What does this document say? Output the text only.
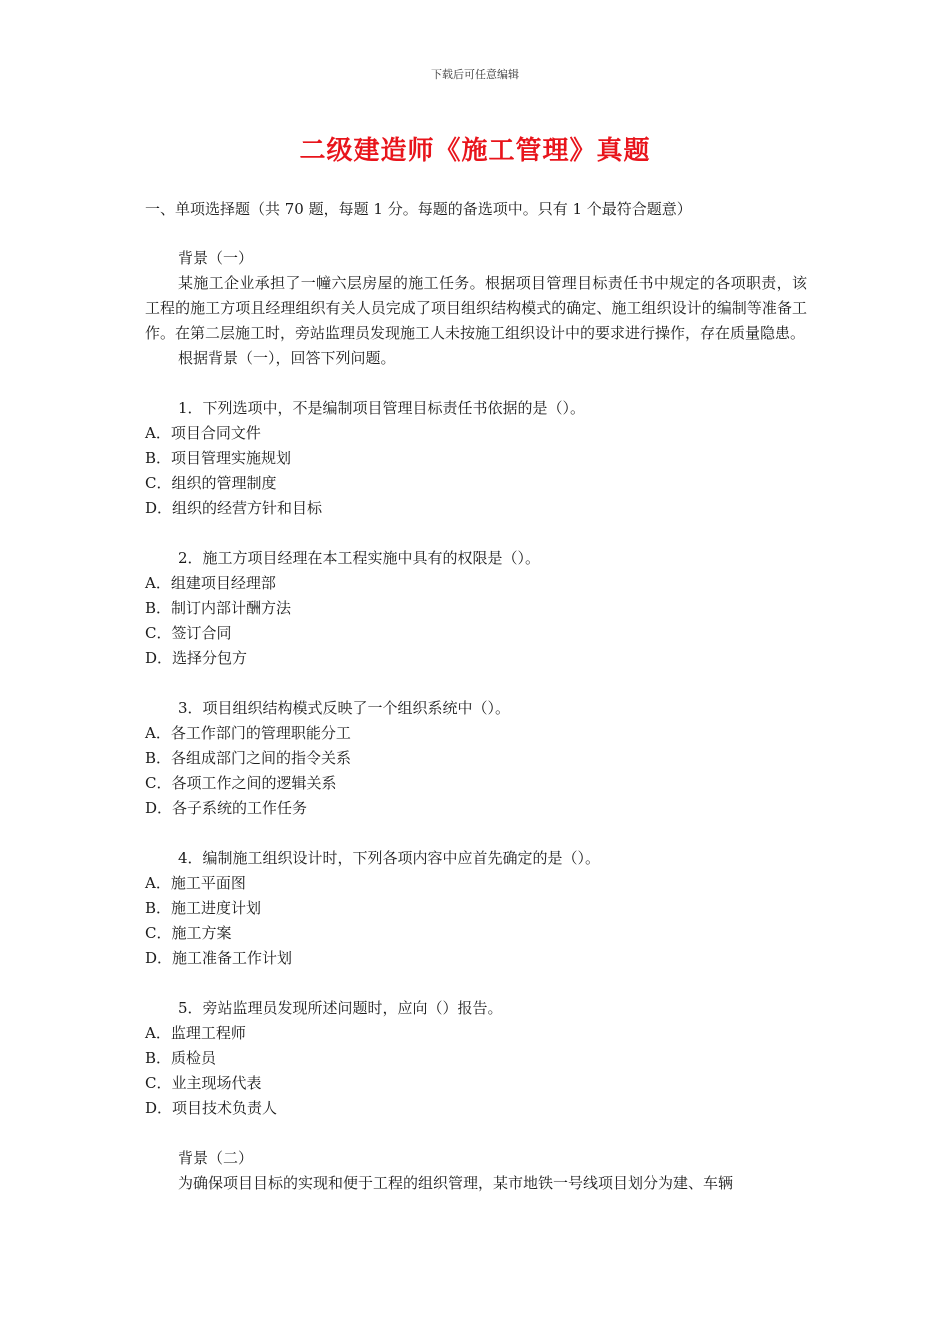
下载后可任意编辑
二级建造师《施工管理》真题
一、单项选择题（共 70 题，每题 1 分。每题的备选项中。只有 1 个最符合题意）
背景（一）
某施工企业承担了一幢六层房屋的施工任务。根据项目管理目标责任书中规定的各项职责，该工程的施工方项且经理组织有关人员完成了项目组织结构模式的确定、施工组织设计的编制等准备工作。在第二层施工时，旁站监理员发现施工人未按施工组织设计中的要求进行操作，存在质量隐患。
根据背景（一），回答下列问题。
1．下列选项中，不是编制项目管理目标责任书依据的是（）。
A．项目合同文件
B．项目管理实施规划
C．组织的管理制度
D．组织的经营方针和目标
2．施工方项目经理在本工程实施中具有的权限是（）。
A．组建项目经理部
B．制订内部计酬方法
C．签订合同
D．选择分包方
3．项目组织结构模式反映了一个组织系统中（）。
A．各工作部门的管理职能分工
B．各组成部门之间的指令关系
C．各项工作之间的逻辑关系
D．各子系统的工作任务
4．编制施工组织设计时，下列各项内容中应首先确定的是（）。
A．施工平面图
B．施工进度计划
C．施工方案
D．施工准备工作计划
5．旁站监理员发现所述问题时，应向（）报告。
A．监理工程师
B．质检员
C．业主现场代表
D．项目技术负责人
背景（二）
为确保项目目标的实现和便于工程的组织管理，某市地铁一号线项目划分为建、车辆
